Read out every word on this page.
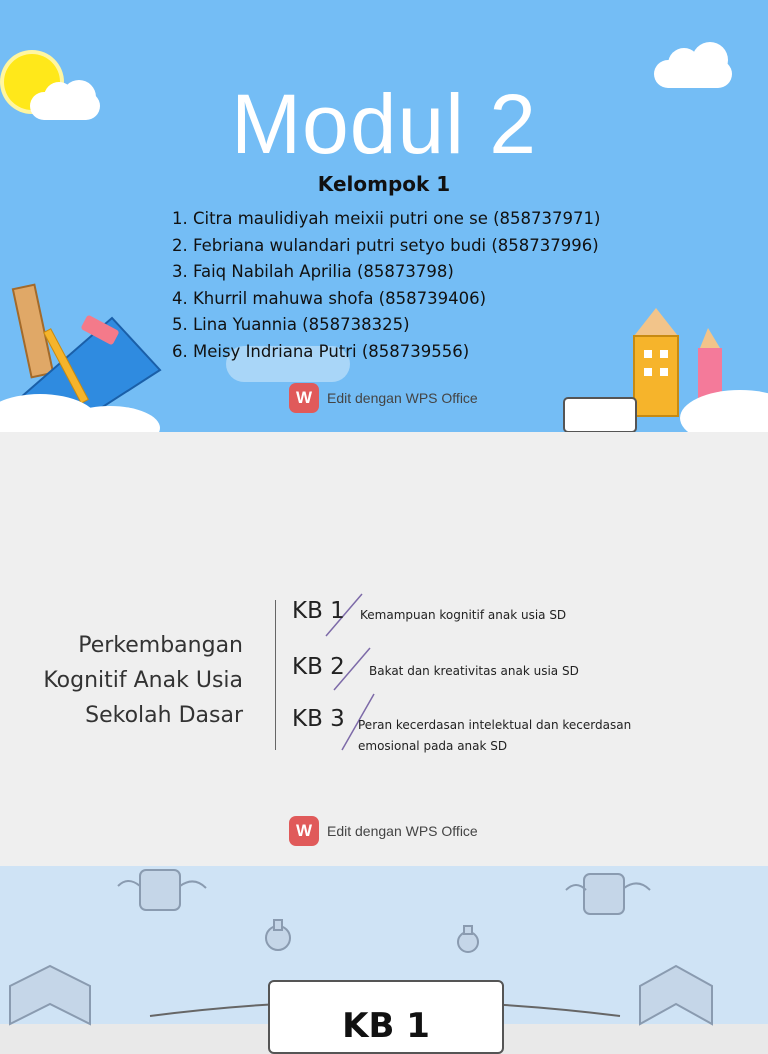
Modul 2
Kelompok 1
1. Citra maulidiyah meixii putri one se (858737971)
2. Febriana wulandari putri setyo budi (858737996)
3. Faiq Nabilah Aprilia (85873798)
4. Khurril mahuwa shofa (858739406)
5. Lina Yuannia (858738325)
6. Meisy Indriana Putri (858739556)
W	Edit dengan WPS Office
Perkembangan
Kognitif Anak Usia
Sekolah Dasar
KB 1 Kemampuan kognitif anak usia SD
KB 2 Bakat dan kreativitas anak usia SD
KB 3 Peran kecerdasan intelektual dan kecerdasan
emosional pada anak SD
W	Edit dengan WPS Office
KB 1
